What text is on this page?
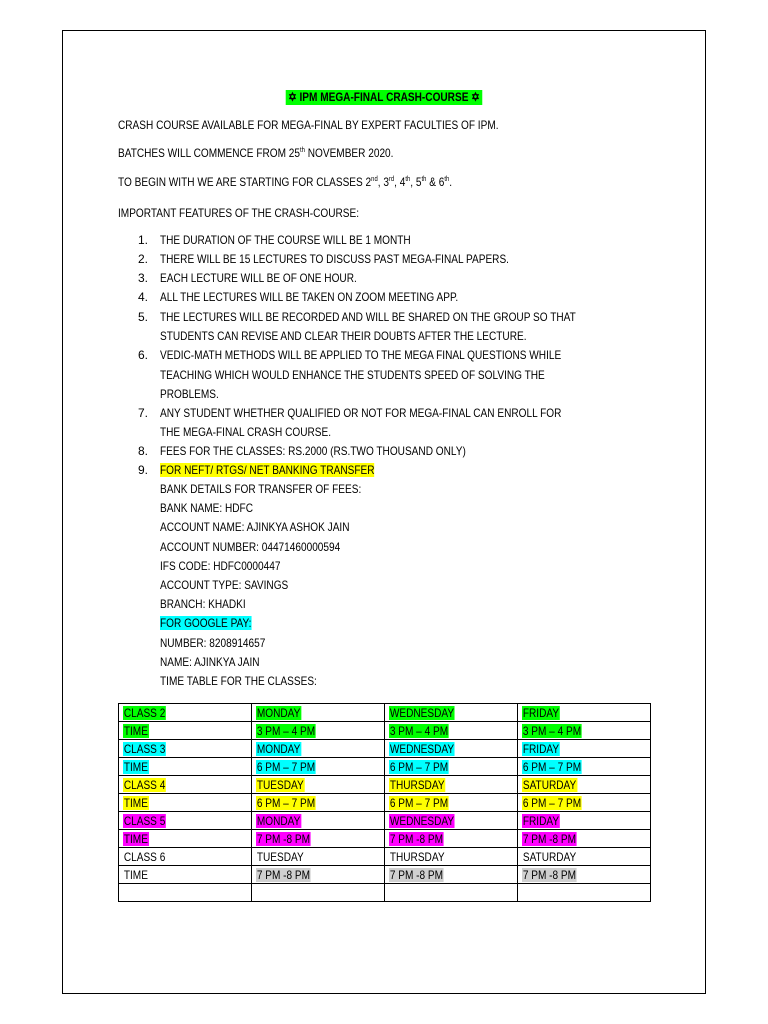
✡ IPM MEGA-FINAL CRASH-COURSE ✡
CRASH COURSE AVAILABLE FOR MEGA-FINAL BY EXPERT FACULTIES OF IPM.
BATCHES WILL COMMENCE FROM 25th NOVEMBER 2020.
TO BEGIN WITH WE ARE STARTING FOR CLASSES 2nd, 3rd, 4th, 5th & 6th.
IMPORTANT FEATURES OF THE CRASH-COURSE:
1. THE DURATION OF THE COURSE WILL BE 1 MONTH
2. THERE WILL BE 15 LECTURES TO DISCUSS PAST MEGA-FINAL PAPERS.
3. EACH LECTURE WILL BE OF ONE HOUR.
4. ALL THE LECTURES WILL BE TAKEN ON ZOOM MEETING APP.
5. THE LECTURES WILL BE RECORDED AND WILL BE SHARED ON THE GROUP SO THAT
STUDENTS CAN REVISE AND CLEAR THEIR DOUBTS AFTER THE LECTURE.
6. VEDIC-MATH METHODS WILL BE APPLIED TO THE MEGA FINAL QUESTIONS WHILE
TEACHING WHICH WOULD ENHANCE THE STUDENTS SPEED OF SOLVING THE
PROBLEMS.
7. ANY STUDENT WHETHER QUALIFIED OR NOT FOR MEGA-FINAL CAN ENROLL FOR
THE MEGA-FINAL CRASH COURSE.
8. FEES FOR THE CLASSES: RS.2000 (RS.TWO THOUSAND ONLY)
9. FOR NEFT/ RTGS/ NET BANKING TRANSFER
BANK DETAILS FOR TRANSFER OF FEES:
BANK NAME: HDFC
ACCOUNT NAME: AJINKYA ASHOK JAIN
ACCOUNT NUMBER: 04471460000594
IFS CODE: HDFC0000447
ACCOUNT TYPE: SAVINGS
BRANCH: KHADKI
FOR GOOGLE PAY:
NUMBER: 8208914657
NAME: AJINKYA JAIN
TIME TABLE FOR THE CLASSES:
CLASS 2	MONDAY	WEDNESDAY	FRIDAY
TIME	3 PM – 4 PM	3 PM – 4 PM	3 PM – 4 PM
CLASS 3	MONDAY	WEDNESDAY	FRIDAY
TIME	6 PM – 7 PM	6 PM – 7 PM	6 PM – 7 PM
CLASS 4	TUESDAY	THURSDAY	SATURDAY
TIME	6 PM – 7 PM	6 PM – 7 PM	6 PM – 7 PM
CLASS 5	MONDAY	WEDNESDAY	FRIDAY
TIME	7 PM -8 PM	7 PM -8 PM	7 PM -8 PM
CLASS 6	TUESDAY	THURSDAY	SATURDAY
TIME	7 PM -8 PM	7 PM -8 PM	7 PM -8 PM
